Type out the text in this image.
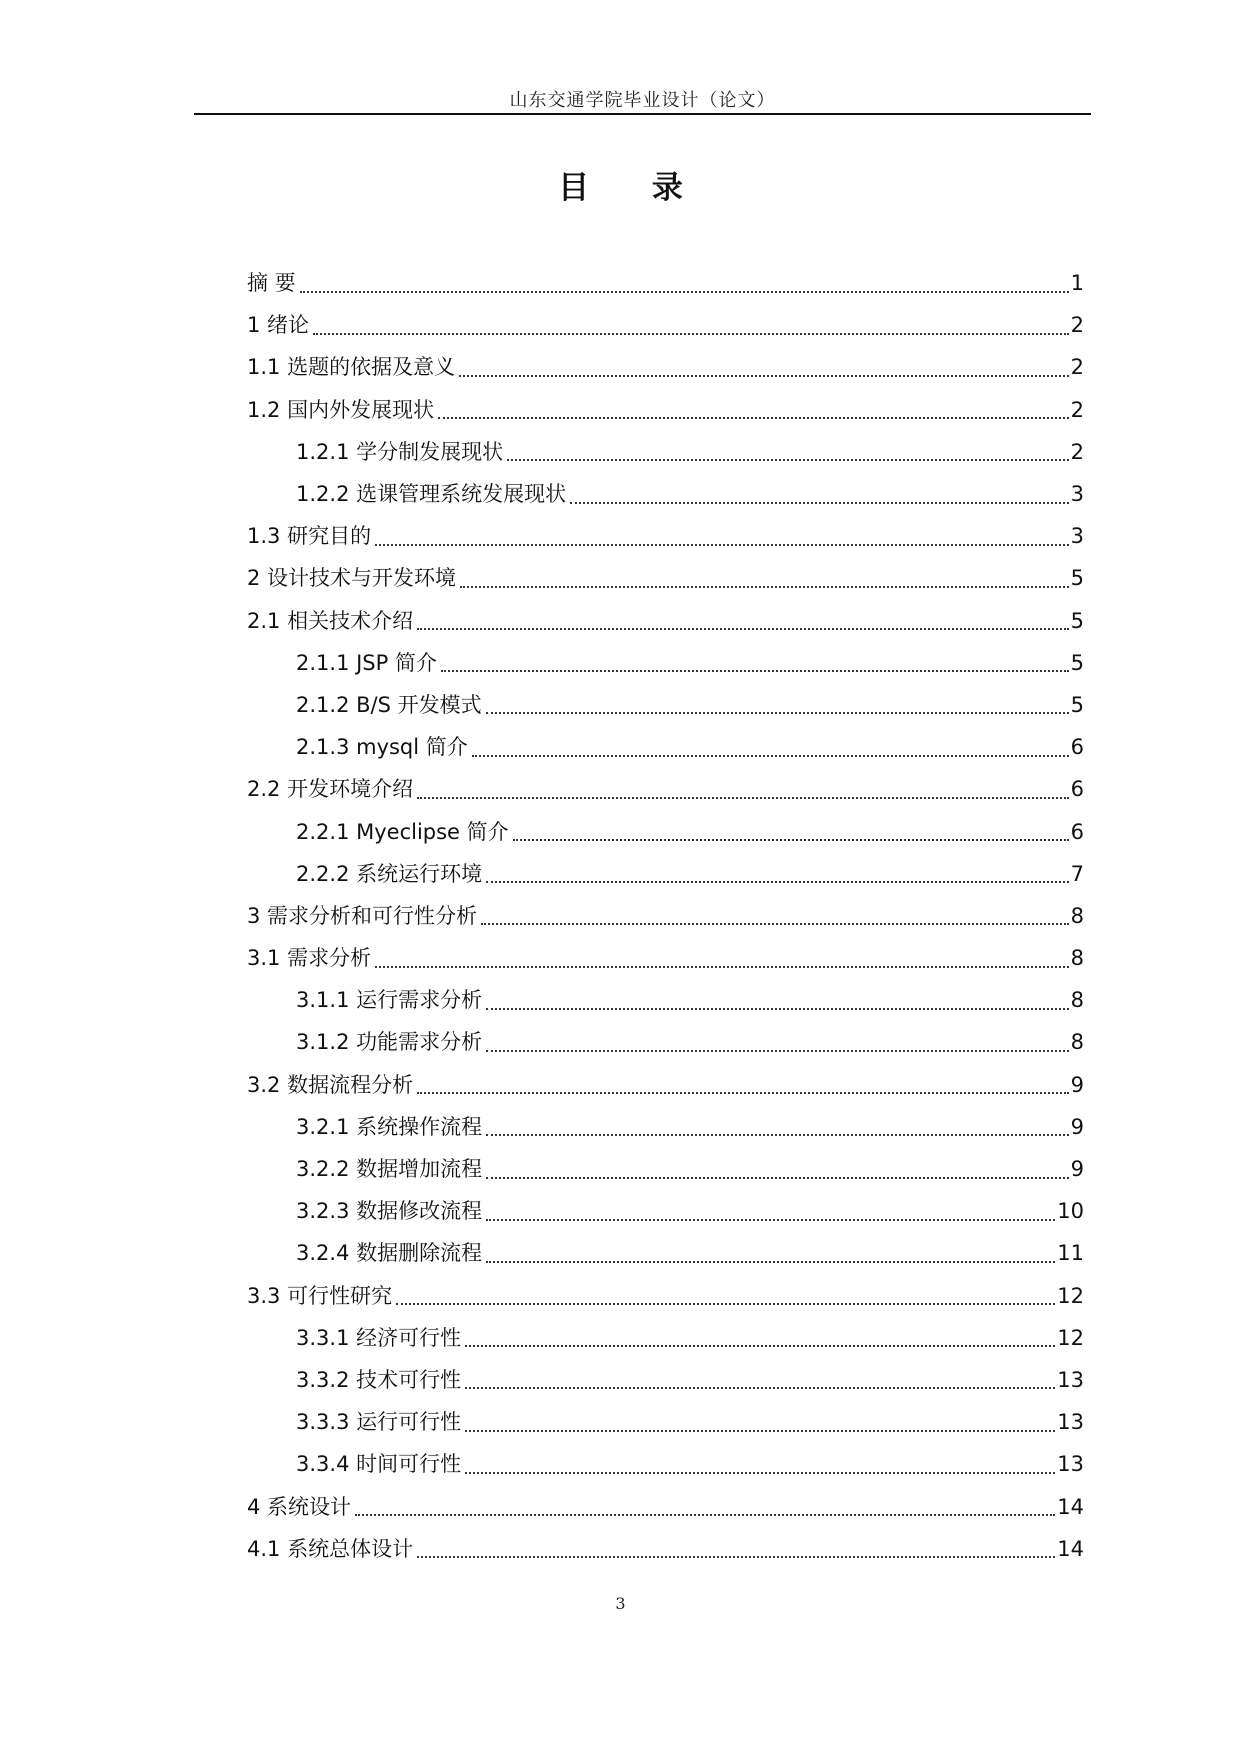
山东交通学院毕业设计（论文）
目 录
摘 要	1
1 绪论	2
1.1 选题的依据及意义	2
1.2 国内外发展现状	2
1.2.1 学分制发展现状	2
1.2.2 选课管理系统发展现状	3
1.3 研究目的	3
2 设计技术与开发环境	5
2.1 相关技术介绍	5
2.1.1 JSP 简介	5
2.1.2 B/S 开发模式	5
2.1.3 mysql 简介	6
2.2 开发环境介绍	6
2.2.1 Myeclipse 简介	6
2.2.2 系统运行环境	7
3 需求分析和可行性分析	8
3.1 需求分析	8
3.1.1 运行需求分析	8
3.1.2 功能需求分析	8
3.2 数据流程分析	9
3.2.1 系统操作流程	9
3.2.2 数据增加流程	9
3.2.3 数据修改流程	10
3.2.4 数据删除流程	11
3.3 可行性研究	12
3.3.1 经济可行性	12
3.3.2 技术可行性	13
3.3.3 运行可行性	13
3.3.4 时间可行性	13
4 系统设计	14
4.1 系统总体设计	14
3
